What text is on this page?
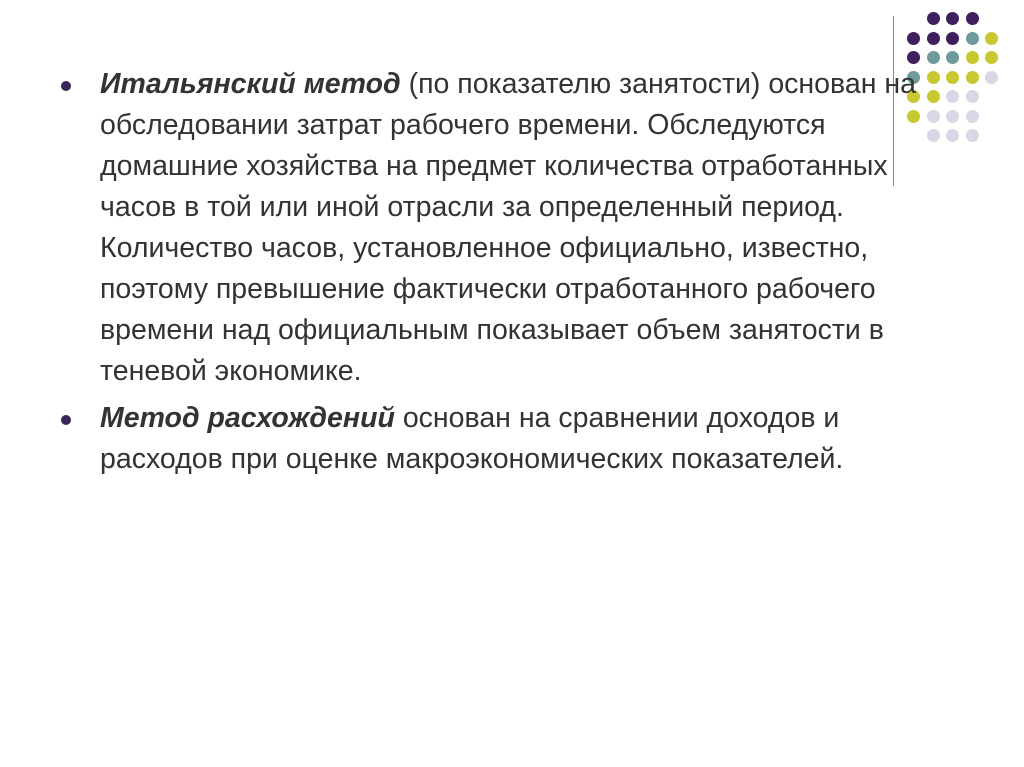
Итальянский метод (по показателю занятости) основан на обследовании затрат рабочего времени. Обследуются домашние хозяйства на предмет количества отработанных часов в той или иной отрасли за определенный период. Количество часов, установленное официально, известно, поэтому превышение фактически отработанного рабочего времени над официальным показывает объем занятости в теневой экономике.
Метод расхождений основан на сравнении доходов и расходов при оценке макроэкономических показателей.
